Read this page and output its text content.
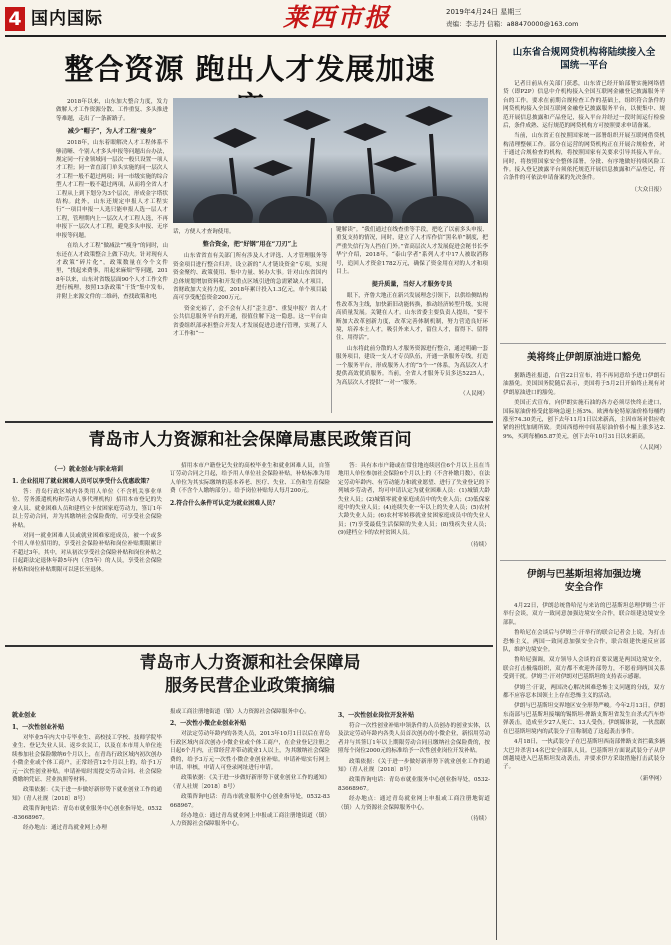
4 国内国际	莱西市报	2019年4月24日 星期三
责编：李志丹 信箱：a88470000@163.com
整合资源 跑出人才发展加速

2018年以来，山东加大整合力度，发力做解人才工作资源分散、工作重复、多头推进等难题，走出了一条新路子。

减少“帽子”，为人才工程“瘦身”

2018年，山东着眼解决人才工程体系不够清晰、个别人才多头申报等问题出台办法，规定同一行业领域同一层次一般只设置一项人才工程；同一省直部门单头实施的同一层次人才工程一般不超过两项；同一市级实施的综合型人才工程一般不超过两项，从而将全省人才工程从上到下划分为3个层次，形成金字塔状结构。此外，山东还规定申报人才工程实行“一项目申报一人选只能申报人选一层人才工程，管理期内上一层次人才工程人选，不再申报下一层次人才工程，避免多头申报、无序申报等问题。

在给人才工程“做减法”“瘦身”的同时，山东还在人才政策整合上做下功夫。针对现有人才政策“碎片化”，政策数量在今个文件里，“找起来费事，用起来麻烦”等问题，2018年以来，山东对省级层面90个人才工作文件进行梳理，按照13条政策“干货”集中发布，并附上来源文件的二维码，查找政策和电

话，方便人才查询使用。

整合资金，把“好钢”用在“刀刃”上

山东省省直有关部门所有涉及人才评选、人才管理服务等资金项目进行整合归并，设立新的“人才链设资金”专项，实现资金聚约、政策使用、集中力量、转办大事。针对山东省国内总体规划增加资料和开发重点区域引进的急需紧缺人才项目，省财政加大支持力度，2018年累计投入1.3亿元，单个项目最高可享受配套资金200万元。

资金充裕了，会不会有人打“歪主意”、重复申报？省人才公共信息服务平台的开通，很值住解下这一隐患。这一平台由省委组织部承担整合开发人才发展促进总进行管理，实现了人才工作和“一

键解读”。“我们通过在线查重等手段，把吃了以前多头申报、重复支持的情况，同时，建立了人才库作信“黑名单”制度，把严重失信行为人挡在门外。”省高层次人才发展促进会秘书长李华宁介绍，2018年，“泰山学者”系列人才中17人被取消称号，追回人才资金1782万元，确保了资金用在对的人才和项目上。

提升质量，当好人才服务专员

眼下，齐鲁大地正在新兴发展理念引领下，以供给侧结构性改革为主线，加快新旧动能转换，推动经济转型升级，实现高质量发展。关键在人才。山东省委主要负责人提出，“要不断加大改革创新力度，改革完善体制机制，努力营造良好环境，培养本土人才，吸引外来人才，留住人才，留得下、留得住、用得活”。

山东将此前分散的人才服务资源进行整合，通过明确一套服务项目，建设一支人才专员队伍，开通一条服务专线，打造一个服务平台，形成服务人才的“5个一”体系，为高层次人才提供高效优质服务。当前，全省人才服务专员多达5225人，为高层次人才提供“一对一”服务。

（人民网）

山东省合规网贷机构将陆续接入全国统一平台

记者日前从有关部门获悉，山东省已经开始部署实施网络借贷（即P2P）信息中介机构接入全国互联网金融登记披露服务平台的工作。要求在前期合规检查工作的基础上，组织符合条件的网贷机构接入全国互联网金融登记披露服务平台，以便集中、规范开展信息披露和产品登记，接入平台并经过一段时间运行检验后，条件成熟、运行规范的网贷机构方可按照要求申请备案。

当前，山东省正在按照国家统一部署组织开展互联网借贷机构清理整顿工作。部分在运营的网贷机构正在开展合规检查，对于通过合规检查的机构，将按照国家有关要求引导其接入平台。同时，将按照国家安全整体部署，分批、有序地做好持续风险工作。接入登记披露平台须依托规范开展信息披露和产品登记，符合条件的可依法申请备案的先决条件。

（大众日报）

美将终止伊朗原油进口豁免

据路透社报道，白宫22日宣布，将不再同意给予进口伊朗石油豁免。美国国务院随后表示，美国将于5月2日开始终止现有对伊朗原油进口的豁免。

美国正式宣布，向伊朗实施石油的各方必须尽快终止进口，国际原油价格受此影响急速上扬3%。欧洲布伦特原油价格每桶约涨至74.30美元，创下去年11月1日以来新高，主因市场对供应收紧的担忧加剧所致。美国西德州中间基原油价格小幅上涨多达2.9%，买到每桶65.87美元，创下去年10月31日以来新高。

（人民网）

伊朗与巴基斯坦将加强边境安全合作

4月22日，伊朗总统鲁哈尼与来访的巴基斯坦总理伊姆兰·汗举行会谈，双方一致同意加强边境安全合作，联合组建边境安全部队。

鲁哈尼在会谈后与伊姆兰·汗举行的联合记者会上说，为打击恐怖主义，两国一致同意加强安全合作，联合组建快速反应部队，维护边境安全。

鲁哈尼强调，双方领导人会谈的首要议题是两国边境安全，联合打击极端组织，双方都不欢迎外部势力，不愿看到两国关系受到干扰。伊姆兰·汗对伊朗对巴基斯坦的支持表示感谢。

伊姆兰·汗说，两国决心解决困难恐怖主义问题的分歧，双方都不应容忍本国领土上存在恐怖主义的活动。

伊朗与巴基斯坦交界地区安全形势严峻。今年2月13日，伊朗东南部与巴基斯坦接壤的锡斯坦-俾路支斯坦省发生自杀式汽车炸弹袭击，造成至少27人死亡、13人受伤。伊朗媒体说，一伙盘踞在巴基斯坦境内的武装分子宣称制造了这起袭击事件。

4月18日，一伙武装分子在巴基斯坦西南部俾路支省拦截多辆大巴并杀害14名巴安全部队人员。巴基斯坦方面说武装分子从伊朗越境进入巴基斯坦发动袭击，并要求伊方采取措施打击武装分子。

（新华网）

青岛市人力资源和社会保障局惠民政策百问

（一）就业创业与职业培训

1. 企业招用了就业困难人员可以享受什么优惠政策？

答：青岛行政区域内各类用人单位（不含机关事业单位、劳务派遣机构和劳动人事代理机构）招用本市登记的失业人员、就业困难人员和建档立卡贫困家庭劳动力，签订1年以上劳动合同，并为其缴纳社会保险费的，可享受社会保险补贴。

对同一就业困难人员或就业困难家庭成员，被一个或多个用人单位招用的，享受社会保险补贴和岗位补贴期限累计不超过3年。其中，对从初次享受社会保险补贴和岗位补贴之日起距法定退休年龄5年内（含5年）的人员，享受社会保险补贴和岗位补贴期限可以延长至退休。

招用本市户籍登记失业的高校毕业生和就业困难人员，自签订劳动合同之月起，给予用人单位社会保险补贴，补贴标准为用人单位为其实际缴纳的基本养老、医疗、失业、工伤和生育保险费（不含个人缴纳部分）。给予岗位补贴每人每月200元。

2.符合什么条件可认定为就业困难人员？

答：具有本市户籍或在常住地连续居住6个月以上且在当地用人单位参加社会保险6个月以上的（不含补缴月数），在法定劳动年龄内、有劳动能力和就业愿望、进行了失业登记的下列城乡劳动者，均可申请认定为就业困难人员：(1)城镇大龄失业人员；(2)城镇零就业家庭成员中的失业人员；(3)低保家庭中的失业人员；(4)连续失业一年以上的失业人员；(5)农村大龄失业人员；(6)农村零转移就业贫困家庭成员中的失业人员；(7)享受最低生活保障的失业人员；(8)残疾失业人员；(9)建档立卡的农村贫困人员。

（待续）

青岛市人力资源和社会保障局
服务民营企业政策摘编

就业创业

1、一次性创业补贴

对毕业5年内大中专毕业生、高校技工学校、技师学院毕业生、登记失业人员、返乡农民工，以及在本市用人单位连续参加社会保险缴纳6个月以上，在青岛行政区域内初次创办小微企业或个体工商户，正常经营12个月以上的，给予1万元一次性创业补贴。申请补贴时需提交劳动合同、社会保险费缴纳凭证、营业执照等材料。

政策依据：《关于进一步做好新形势下就业创业工作的通知》（青人社规〔2018〕8号）

政策咨询电话：青岛市就业服务中心创业指导处，0532-83668967。

经办地点：通过青岛就业网上办理

报或工商注册地街道（镇）人力资源社会保障服务中心。

2、一次性小微企业创业补贴

对法定劳动年龄内的各类人员，2013年10月1日以后在青岛行政区域内首次创办小微企业或个体工商户，在企业登记注册之日起6个月内，正常经营并带动就业1人以上，为其缴纳社会保险费的，给予3万元一次性小微企业创业补贴。申请补贴实行网上申请、审核，申请人可登录网址进行申请。

政策依据：《关于进一步做好新形势下就业创业工作的通知》（青人社规〔2018〕8号）

政策咨询电话：青岛市就业服务中心创业指导处，0532-83668967。

经办地点：通过青岛就业网上申报或工商注册地街道（镇）人力资源社会保障服务中心。

3、一次性创业岗位开发补贴

符合一次性创业补贴申领条件的人员创办的创业实体，以及法定劳动年龄内各类人员首次创办的小微企业，新招用劳动者并与其签订1年以上期限劳动合同且缴纳社会保险费的，按照每个岗位2000元的标准给予一次性创业岗位开发补贴。

政策依据：《关于进一步做好新形势下就业创业工作的通知》（青人社规〔2018〕8号）

政策咨询电话：青岛市就业服务中心创业指导处，0532-83668967。

经办地点：通过青岛就业网上申报或工商注册地街道（镇）人力资源社会保障服务中心。

（待续）
